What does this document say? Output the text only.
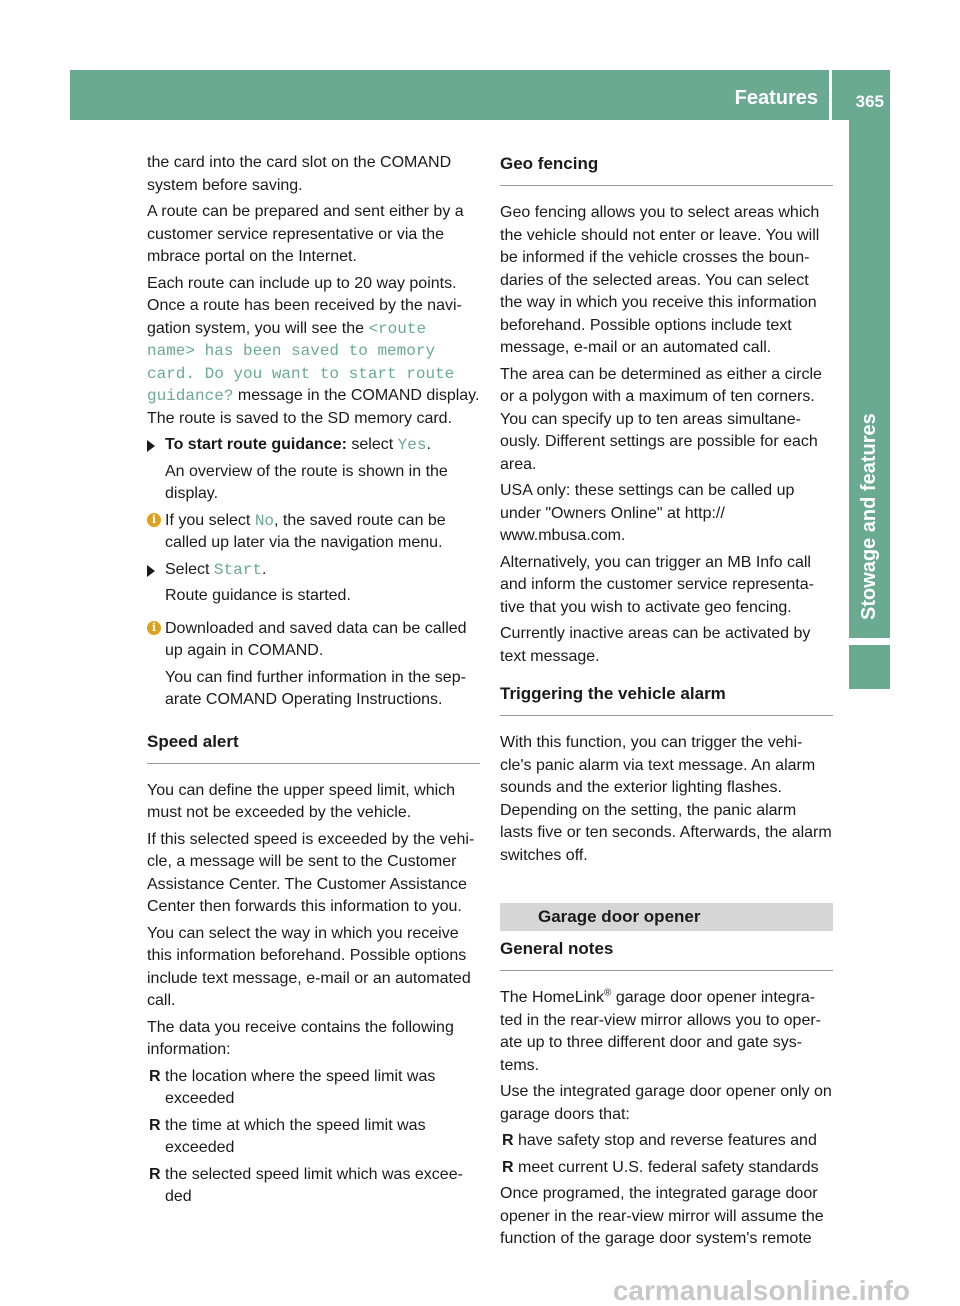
Features 365
Stowage and features

the card into the card slot on the COMAND system before saving.

A route can be prepared and sent either by a customer service representative or via the mbrace portal on the Internet.

Each route can include up to 20 way points. Once a route has been received by the navi- gation system, you will see the <route name> has been saved to memory card. Do you want to start route guidance? message in the COMAND display. The route is saved to the SD memory card.

To start route guidance: select Yes.

An overview of the route is shown in the display.

i If you select No, the saved route can be called up later via the navigation menu.

Select Start.

Route guidance is started.

i Downloaded and saved data can be called up again in COMAND.

You can find further information in the sep- arate COMAND Operating Instructions.

Speed alert

You can define the upper speed limit, which must not be exceeded by the vehicle.

If this selected speed is exceeded by the vehi- cle, a message will be sent to the Customer Assistance Center. The Customer Assistance Center then forwards this information to you.

You can select the way in which you receive this information beforehand. Possible options include text message, e-mail or an automated call.

The data you receive contains the following information:

R the location where the speed limit was exceeded

R the time at which the speed limit was exceeded

R the selected speed limit which was excee- ded

Geo fencing

Geo fencing allows you to select areas which the vehicle should not enter or leave. You will be informed if the vehicle crosses the boun- daries of the selected areas. You can select the way in which you receive this information beforehand. Possible options include text message, e-mail or an automated call.

The area can be determined as either a circle or a polygon with a maximum of ten corners. You can specify up to ten areas simultane- ously. Different settings are possible for each area.

USA only: these settings can be called up under "Owners Online" at http:// www.mbusa.com.

Alternatively, you can trigger an MB Info call and inform the customer service representa- tive that you wish to activate geo fencing.

Currently inactive areas can be activated by text message.

Triggering the vehicle alarm

With this function, you can trigger the vehi- cle's panic alarm via text message. An alarm sounds and the exterior lighting flashes. Depending on the setting, the panic alarm lasts five or ten seconds. Afterwards, the alarm switches off.

Garage door opener
General notes

The HomeLink® garage door opener integra- ted in the rear-view mirror allows you to oper- ate up to three different door and gate sys- tems.

Use the integrated garage door opener only on garage doors that:

R have safety stop and reverse features and

R meet current U.S. federal safety standards

Once programed, the integrated garage door opener in the rear-view mirror will assume the function of the garage door system's remote

carmanualsonline.info
